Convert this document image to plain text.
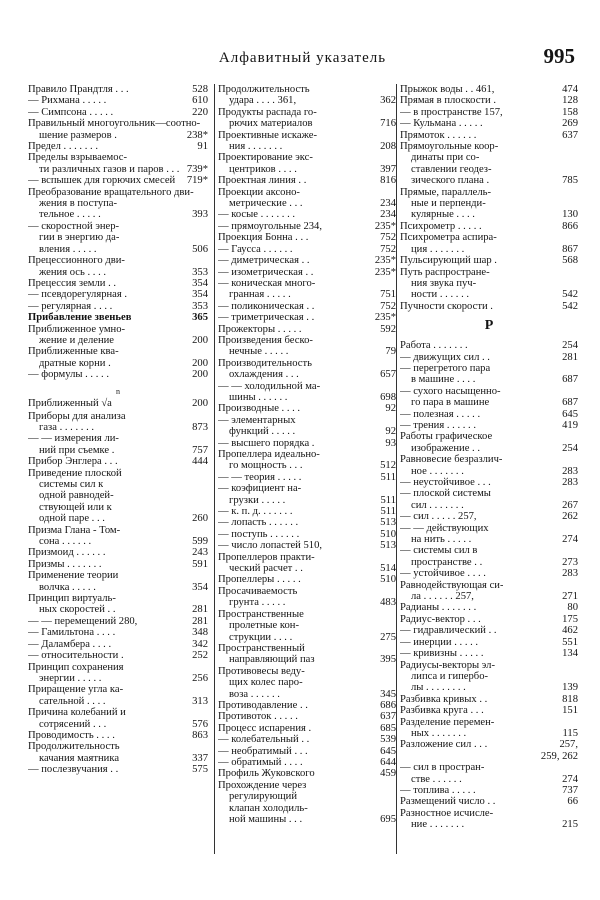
Алфавитный указатель	995
Правило Прандтля . . .	528
— Рихмана . . . . .	610
— Симпсона . . . . .	220
Правильный многоугольник—соотно-
шение размеров .	238*
Предел . . . . . . .	91
Пределы взрываемос-
ти различных газов и паров . . . 739*
— вспышек для горючих смесей 719*
Преобразование вращательного дви-
жения в поступа-
тельное . . . . .	393
— скоростной энер-
гии в энергию да-
вления . . . . .	506
Прецессионного дви-
жения ось . . . .	353
Прецессия земли . .	354
— псевдорегулярная .	354
— регулярная . . . .	353
Прибавление звеньев	365
Приближенное умно-
жение и деление	200
Приближенные ква-
дратные корни .	200
— формулы . . . . .	200
n
Приближенный √a	200
Приборы для анализа
газа . . . . . . .	873
— — измерения ли-
ний при съемке .	757
Прибор Энглера . . .	444
Приведение плоской
системы сил к
одной равнодей-
ствующей или к
одной паре . . .	260
Призма Глана - Том-
сона . . . . . .	599
Призмоид . . . . . .	243
Призмы . . . . . . .	591
Применение теории
волчка . . . . .	354
Принцип виртуаль-
ных скоростей . .	281
— — перемещений 280,	281
— Гамильтона . . . .	348
— Даламбера . . . .	342
— относительности .	252
Принцип сохранения
энергии . . . . .	256
Приращение угла ка-
сательной . . . .	313
Причина колебаний и
сотрясений . . .	576
Проводимость . . . .	863
Продолжительность
качания маятника	337
— послезвучания . .	575
Продолжительность
удара . . . . 361,	362
Продукты распада го-
рючих материалов	716
Проективные искаже-
ния . . . . . . .	208
Проектирование экс-
центриков . . . .	397
Проектная линия . .	816
Проекции аксоно-
метрические . . .	234
— косые . . . . . . .	234
— прямоугольные 234,	235*
Проекция Бонна . . .	752
— Гаусса . . . . . .	752
— диметрическая . .	235*
— изометрическая . .	235*
— коническая много-
гранная . . . . .	751
— поликоническая . .	752
— триметрическая . .	235*
Прожекторы . . . . .	592
Произведения беско-
нечные . . . . .	79
Производительность
охлаждения . . .	657
— — холодильной ма-
шины . . . . . .	698
Производные . . . .	92
— элементарных
функций . . . . .	92
— высшего порядка .	93
Пропеллера идеально-
го мощность . . .	512
— — теория . . . . .	511
— коэфициент на-
грузки . . . . .	511
— к. п. д. . . . . . .	511
— лопасть . . . . . .	513
— поступь . . . . . .	510
— число лопастей 510,	513
Пропеллеров практи-
ческий расчет . .	514
Пропеллеры . . . . .	510
Просачиваемость
грунта . . . . .	483
Пространственные
пролетные кон-
струкции . . . .	275
Пространственный
направляющий паз	395
Противовесы веду-
щих колес паро-
воза . . . . . .	345
Противодавление . .	686
Противоток . . . . .	637
Процесс испарения .	685
— колебательный . .	539
— необратимый . . .	645
— обратимый . . . .	644
Профиль Жуковского	459
Прохождение через
регулирующий
клапан холодиль-
ной машины . . .	695
Прыжок воды . . 461,	474
Прямая в плоскости .	128
— в пространстве 157,	158
— Кульмана . . . . .	269
Прямоток . . . . . .	637
Прямоугольные коор-
динаты при со-
ставлении геодез-
зического плана .	785
Прямые, параллель-
ные и перпенди-
кулярные . . . .	130
Психрометр . . . . .	866
Психрометра аспира-
ция . . . . . . .	867
Пульсирующий шар .	568
Путь распростране-
ния звука пуч-
ности . . . . . .	542
Пучности скорости .	542
Р
Работа . . . . . . .	254
— движущих сил . .	281
— перегретого пара
в машине . . . .	687
— сухого насыщенно-
го пара в машине	687
— полезная . . . . .	645
— трения . . . . . .	419
Работы графическое
изображение . .	254
Равновесие безразлич-
ное . . . . . . .	283
— неустойчивое . . .	283
— плоской системы
сил . . . . . . .	267
— сил . . . . . 257,	262
— — действующих
на нить . . . . .	274
— системы сил в
пространстве . .	273
— устойчивое . . . .	283
Равнодействующая си-
ла . . . . . . 257,	271
Радианы . . . . . . .	80
Радиус-вектор . . .	175
— гидравлический . .	462
— инерции . . . . .	551
— кривизны . . . . .	134
Радиусы-векторы эл-
липса и гипербо-
лы . . . . . . . .	139
Разбивка кривых . .	818
Разбивка круга . . .	151
Разделение перемен-
ных . . . . . . .	115
Разложение сил . . .	257,
259, 262
— сил в простран-
стве . . . . . .	274
— топлива . . . . .	737
Размещений число . .	66
Разностное исчисле-
ние . . . . . . .	215
